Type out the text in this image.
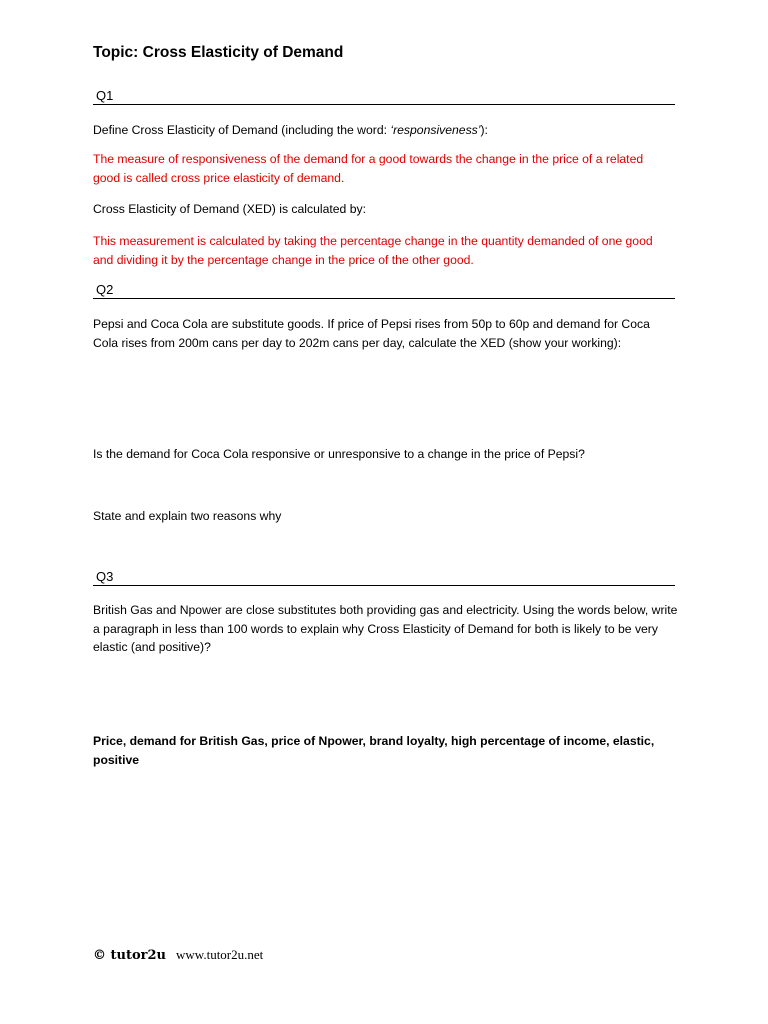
Topic: Cross Elasticity of Demand
Q1
Define Cross Elasticity of Demand (including the word: ‘responsiveness’):
The measure of responsiveness of the demand for a good towards the change in the price of a related good is called cross price elasticity of demand.
Cross Elasticity of Demand (XED) is calculated by:
This measurement is calculated by taking the percentage change in the quantity demanded of one good and dividing it by the percentage change in the price of the other good.
Q2
Pepsi and Coca Cola are substitute goods. If price of Pepsi rises from 50p to 60p and demand for Coca Cola rises from 200m cans per day to 202m cans per day, calculate the XED (show your working):
Is the demand for Coca Cola responsive or unresponsive to a change in the price of Pepsi?
State and explain two reasons why
Q3
British Gas and Npower are close substitutes both providing gas and electricity. Using the words below, write a paragraph in less than 100 words to explain why Cross Elasticity of Demand for both is likely to be very elastic (and positive)?
Price, demand for British Gas, price of Npower, brand loyalty, high percentage of income, elastic, positive
© tutor2u www.tutor2u.net
